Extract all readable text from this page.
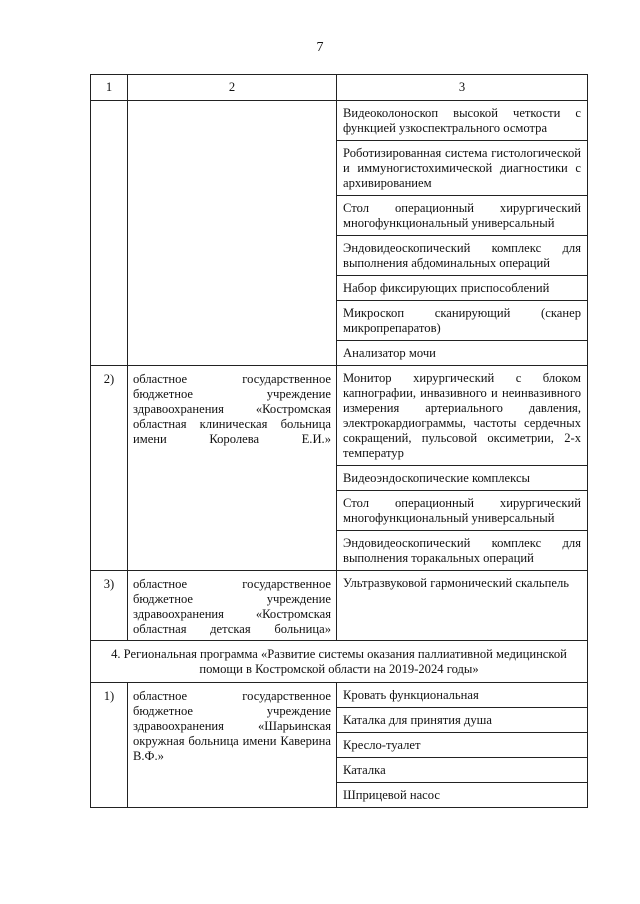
7
1	2	3
		Видеоколоноскоп высокой четкости с функцией узкоспектрального осмотра
		Роботизированная система гистологической и иммуногистохимической диагностики с архивированием
		Стол операционный хирургический многофункциональный универсальный
		Эндовидеоскопический комплекс для выполнения абдоминальных операций
		Набор фиксирующих приспособлений
		Микроскоп сканирующий (сканер микропрепаратов)
		Анализатор мочи
2)	областное государственное бюджетное учреждение здравоохранения «Костромская областная клиническая больница имени Королева Е.И.»	Монитор хирургический с блоком капнографии, инвазивного и неинвазивного измерения артериального давления, электрокардиограммы, частоты сердечных сокращений, пульсовой оксиметрии, 2-х температур
		Видеоэндоскопические комплексы
		Стол операционный хирургический многофункциональный универсальный
		Эндовидеоскопический комплекс для выполнения торакальных операций
3)	областное государственное бюджетное учреждение здравоохранения «Костромская областная детская больница»	Ультразвуковой гармонический скальпель
4. Региональная программа «Развитие системы оказания паллиативной медицинской помощи в Костромской области на 2019-2024 годы»		
1)	областное государственное бюджетное учреждение здравоохранения «Шарьинская окружная больница имени Каверина В.Ф.»	Кровать функциональная
		Каталка для принятия душа
		Кресло-туалет
		Каталка
		Шприцевой насос
